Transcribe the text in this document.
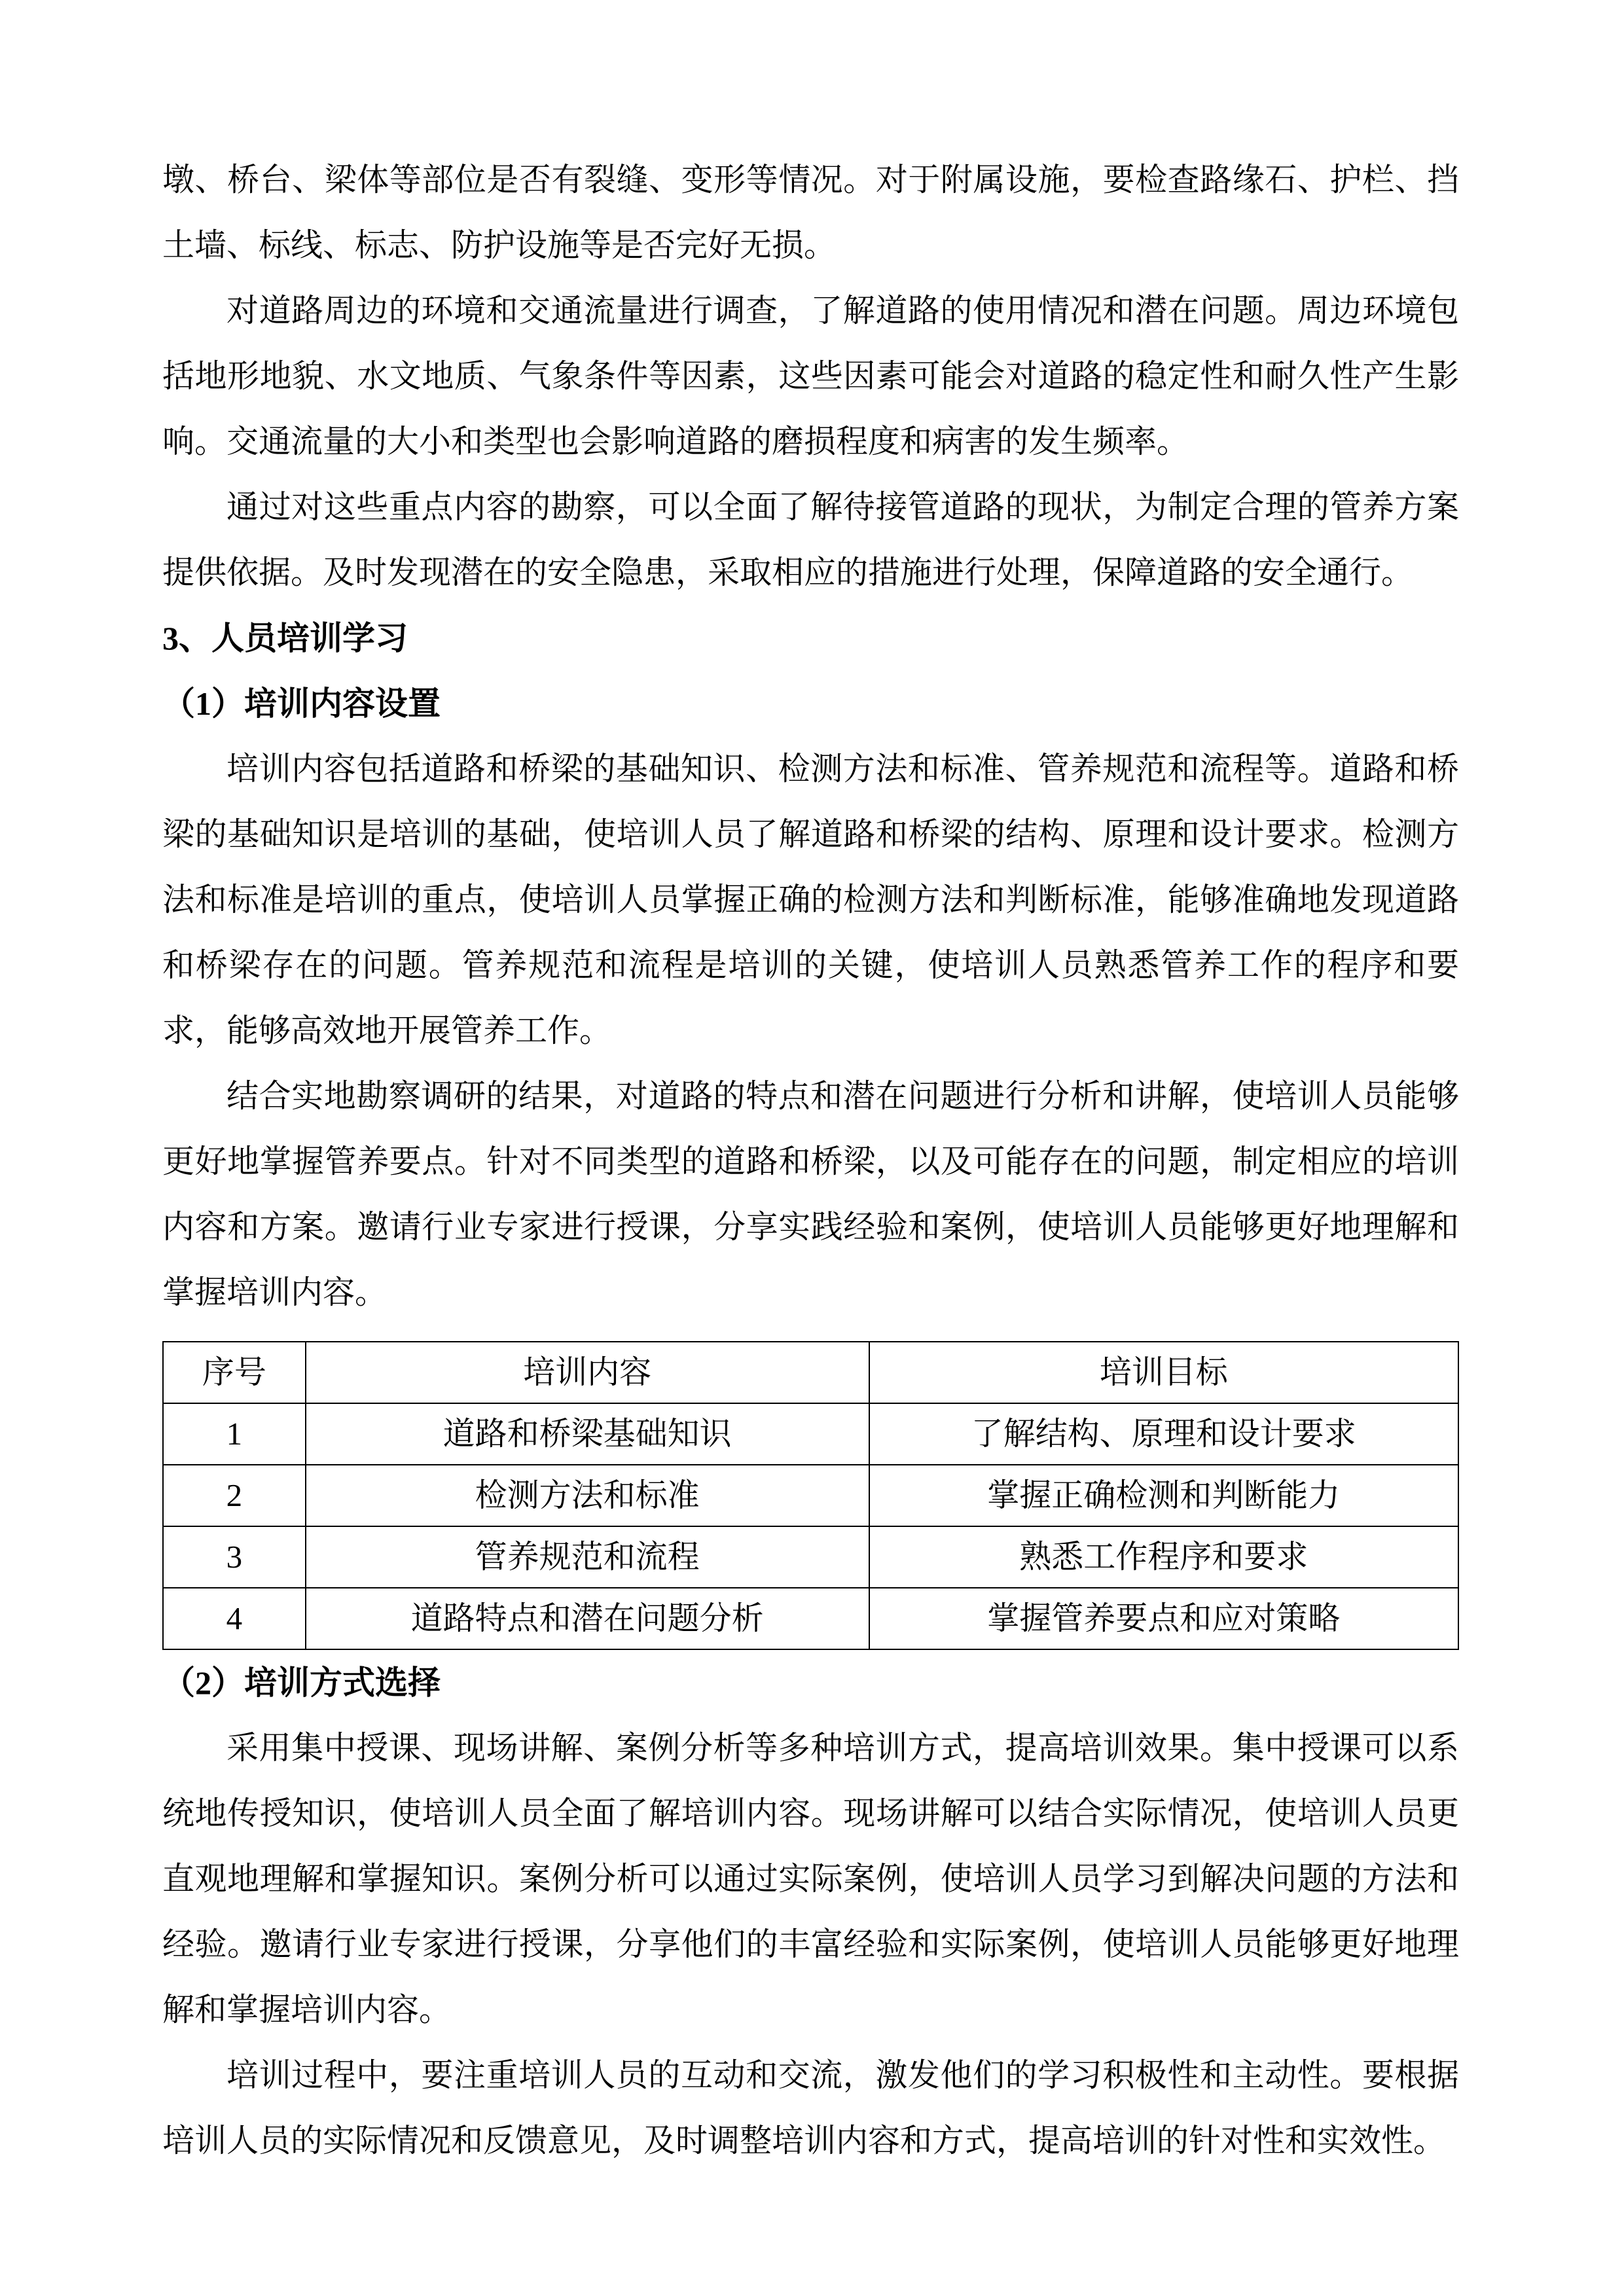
墩、桥台、梁体等部位是否有裂缝、变形等情况。对于附属设施，要检查路缘石、护栏、挡土墙、标线、标志、防护设施等是否完好无损。

对道路周边的环境和交通流量进行调查，了解道路的使用情况和潜在问题。周边环境包括地形地貌、水文地质、气象条件等因素，这些因素可能会对道路的稳定性和耐久性产生影响。交通流量的大小和类型也会影响道路的磨损程度和病害的发生频率。

通过对这些重点内容的勘察，可以全面了解待接管道路的现状，为制定合理的管养方案提供依据。及时发现潜在的安全隐患，采取相应的措施进行处理，保障道路的安全通行。

3、人员培训学习
（1）培训内容设置

培训内容包括道路和桥梁的基础知识、检测方法和标准、管养规范和流程等。道路和桥梁的基础知识是培训的基础，使培训人员了解道路和桥梁的结构、原理和设计要求。检测方法和标准是培训的重点，使培训人员掌握正确的检测方法和判断标准，能够准确地发现道路和桥梁存在的问题。管养规范和流程是培训的关键，使培训人员熟悉管养工作的程序和要求，能够高效地开展管养工作。

结合实地勘察调研的结果，对道路的特点和潜在问题进行分析和讲解，使培训人员能够更好地掌握管养要点。针对不同类型的道路和桥梁，以及可能存在的问题，制定相应的培训内容和方案。邀请行业专家进行授课，分享实践经验和案例，使培训人员能够更好地理解和掌握培训内容。

序号	培训内容	培训目标
1	道路和桥梁基础知识	了解结构、原理和设计要求
2	检测方法和标准	掌握正确检测和判断能力
3	管养规范和流程	熟悉工作程序和要求
4	道路特点和潜在问题分析	掌握管养要点和应对策略
（2）培训方式选择

采用集中授课、现场讲解、案例分析等多种培训方式，提高培训效果。集中授课可以系统地传授知识，使培训人员全面了解培训内容。现场讲解可以结合实际情况，使培训人员更直观地理解和掌握知识。案例分析可以通过实际案例，使培训人员学习到解决问题的方法和经验。邀请行业专家进行授课，分享他们的丰富经验和实际案例，使培训人员能够更好地理解和掌握培训内容。

培训过程中，要注重培训人员的互动和交流，激发他们的学习积极性和主动性。要根据培训人员的实际情况和反馈意见，及时调整培训内容和方式，提高培训的针对性和实效性。
